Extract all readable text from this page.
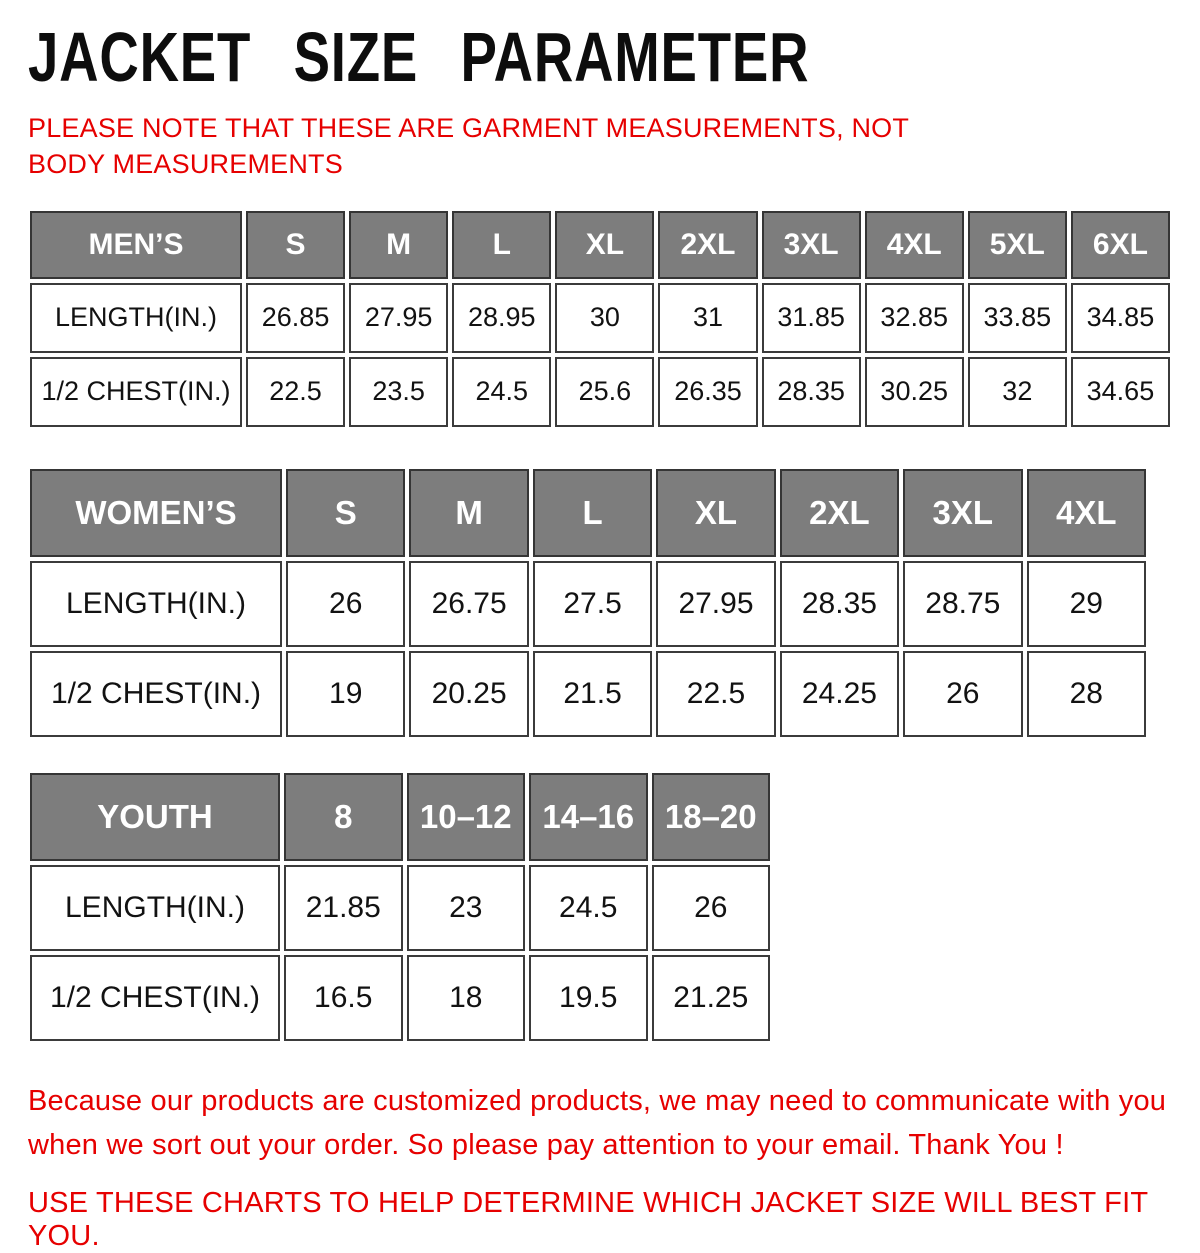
JACKET SIZE PARAMETER
PLEASE NOTE THAT THESE ARE GARMENT MEASUREMENTS, NOT BODY MEASUREMENTS
MEN’S	S	M	L	XL	2XL	3XL	4XL	5XL	6XL
LENGTH(IN.)	26.85	27.95	28.95	30	31	31.85	32.85	33.85	34.85
1/2 CHEST(IN.)	22.5	23.5	24.5	25.6	26.35	28.35	30.25	32	34.65
WOMEN’S	S	M	L	XL	2XL	3XL	4XL
LENGTH(IN.)	26	26.75	27.5	27.95	28.35	28.75	29
1/2 CHEST(IN.)	19	20.25	21.5	22.5	24.25	26	28
YOUTH	8	10–12	14–16	18–20
LENGTH(IN.)	21.85	23	24.5	26
1/2 CHEST(IN.)	16.5	18	19.5	21.25
Because our products are customized products, we may need to communicate with you
when we sort out your order. So please pay attention to your email. Thank You !
USE THESE CHARTS TO HELP DETERMINE WHICH JACKET SIZE WILL BEST FIT YOU.
